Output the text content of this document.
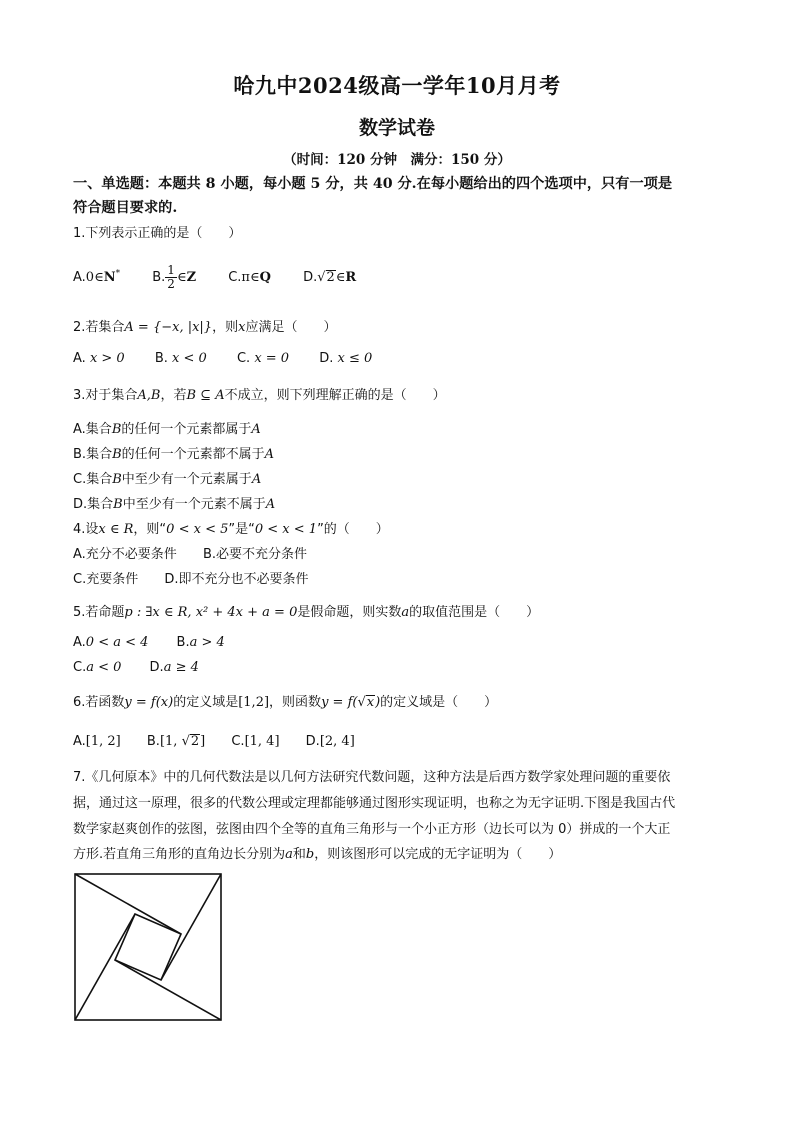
哈九中2024级高一学年10月月考
数学试卷
（时间：120 分钟　满分：150 分）
一、单选题：本题共 8 小题，每小题 5 分，共 40 分.在每小题给出的四个选项中，只有一项是
符合题目要求的.
1.下列表示正确的是（　　）
A.0∈N* B. $\frac{1}{2}$ ∈Z C.π∈Q D.√2∈R
2.若集合A = {−x, |x|}，则x应满足（　　）
A. x > 0 B. x < 0 C. x = 0 D. x ≤ 0
3.对于集合A,B，若B ⊆ A不成立，则下列理解正确的是（　　）
A.集合B的任何一个元素都属于A
B.集合B的任何一个元素都不属于A
C.集合B中至少有一个元素属于A
D.集合B中至少有一个元素不属于A
4.设x ∈ R，则“0 < x < 5”是“0 < x < 1”的（　　）
A.充分不必要条件 B.必要不充分条件
C.充要条件 D.即不充分也不必要条件
5.若命题p : ∃x ∈ R, x² + 4x + a = 0是假命题，则实数a的取值范围是（　　）
A.0 < a < 4 B.a > 4
C.a < 0 D.a ≥ 4
6.若函数y = f(x)的定义域是[1,2]，则函数y = f(√x)的定义域是（　　）
A.[1, 2] B.[1, √2] C.[1, 4] D.[2, 4]
7.《几何原本》中的几何代数法是以几何方法研究代数问题，这种方法是后西方数学家处理问题的重要依
据，通过这一原理，很多的代数公理或定理都能够通过图形实现证明，也称之为无字证明.下图是我国古代
数学家赵爽创作的弦图，弦图由四个全等的直角三角形与一个小正方形（边长可以为 0）拼成的一个大正
方形.若直角三角形的直角边长分别为a和b，则该图形可以完成的无字证明为（　　）
